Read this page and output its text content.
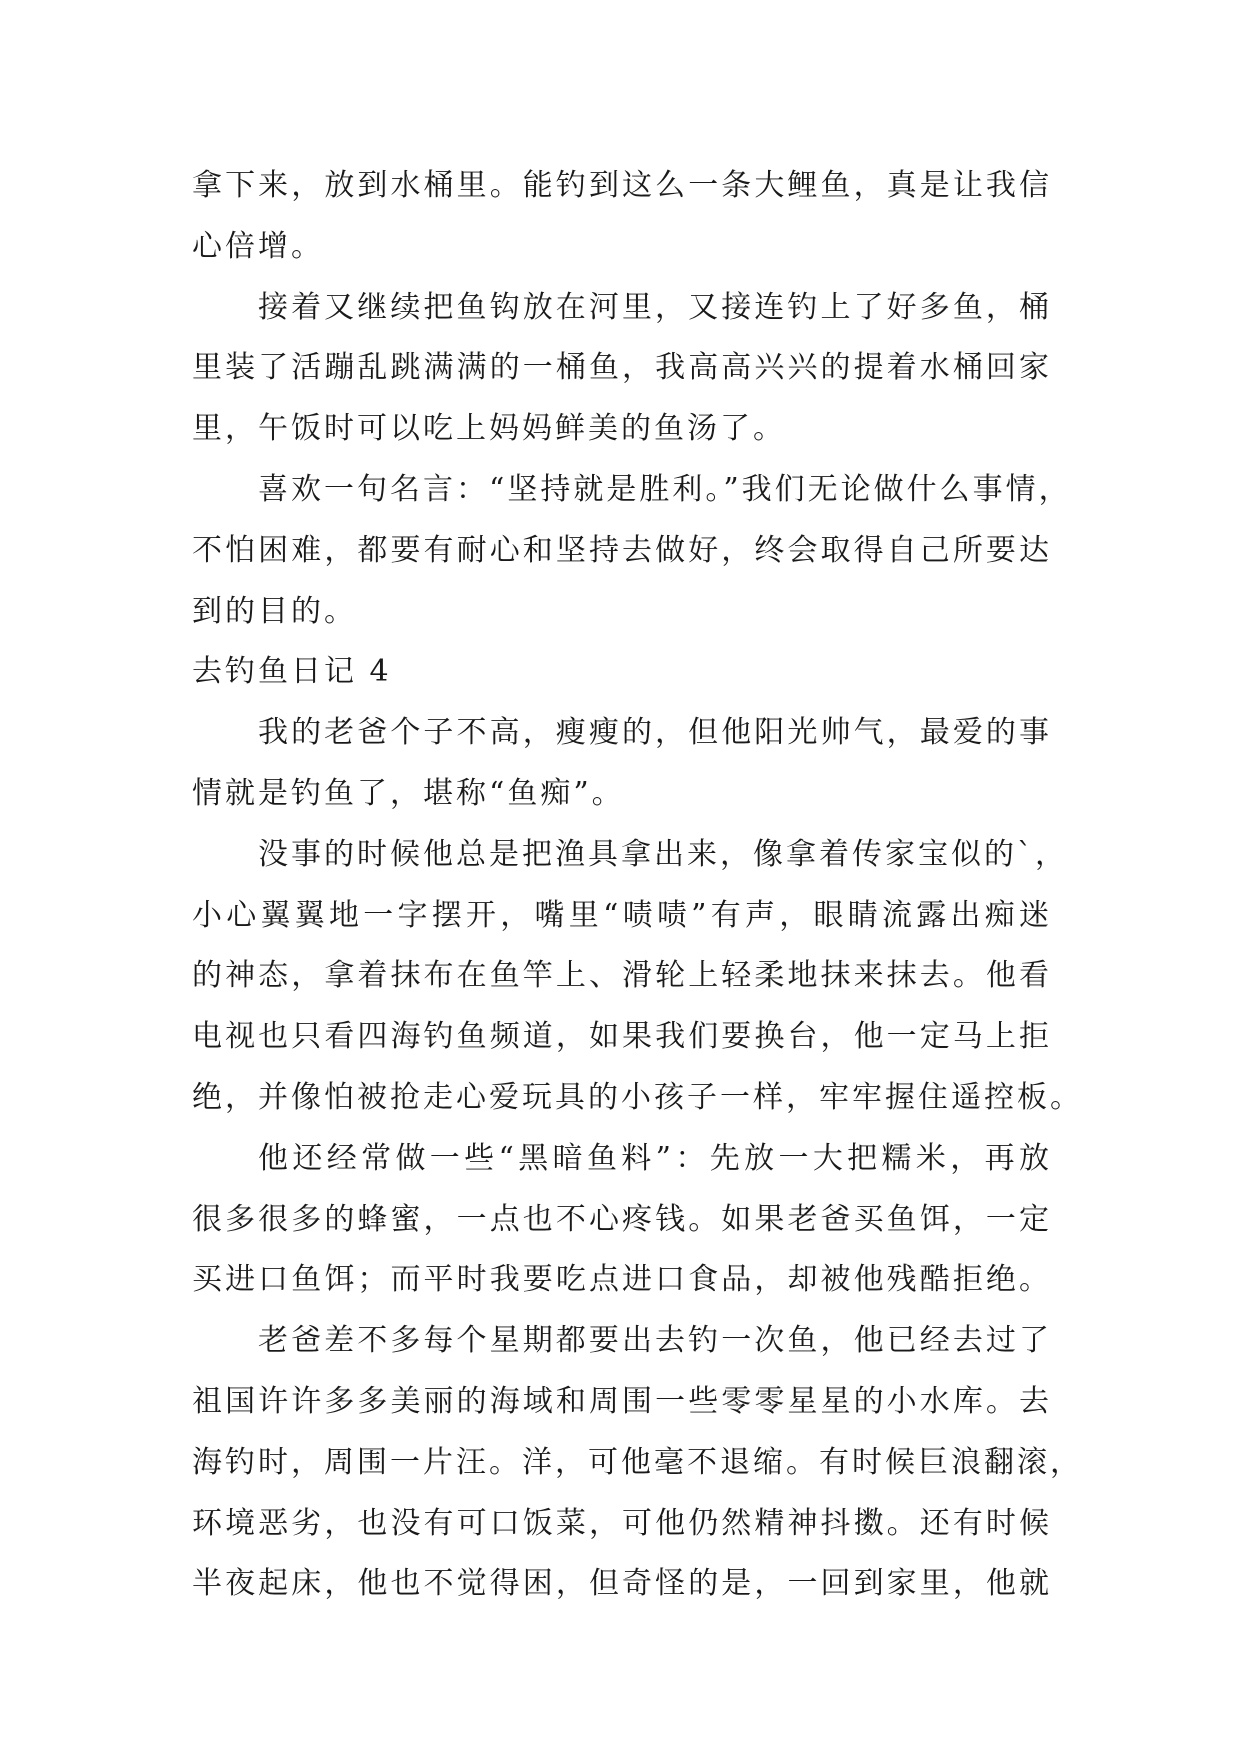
拿下来，放到水桶里。能钓到这么一条大鲤鱼，真是让我信
心倍增。
接着又继续把鱼钩放在河里，又接连钓上了好多鱼，桶
里装了活蹦乱跳满满的一桶鱼，我高高兴兴的提着水桶回家
里，午饭时可以吃上妈妈鲜美的鱼汤了。
喜欢一句名言：“坚持就是胜利。”我们无论做什么事情，
不怕困难，都要有耐心和坚持去做好，终会取得自己所要达
到的目的。
去钓鱼日记 4
我的老爸个子不高，瘦瘦的，但他阳光帅气，最爱的事
情就是钓鱼了，堪称“鱼痴”。
没事的时候他总是把渔具拿出来，像拿着传家宝似的`，
小心翼翼地一字摆开，嘴里“啧啧”有声，眼睛流露出痴迷
的神态，拿着抹布在鱼竿上、滑轮上轻柔地抹来抹去。他看
电视也只看四海钓鱼频道，如果我们要换台，他一定马上拒
绝，并像怕被抢走心爱玩具的小孩子一样，牢牢握住遥控板。
他还经常做一些“黑暗鱼料”：先放一大把糯米，再放
很多很多的蜂蜜，一点也不心疼钱。如果老爸买鱼饵，一定
买进口鱼饵；而平时我要吃点进口食品，却被他残酷拒绝。
老爸差不多每个星期都要出去钓一次鱼，他已经去过了
祖国许许多多美丽的海域和周围一些零零星星的小水库。去
海钓时，周围一片汪。洋，可他毫不退缩。有时候巨浪翻滚，
环境恶劣，也没有可口饭菜，可他仍然精神抖擞。还有时候
半夜起床，他也不觉得困，但奇怪的是，一回到家里，他就
